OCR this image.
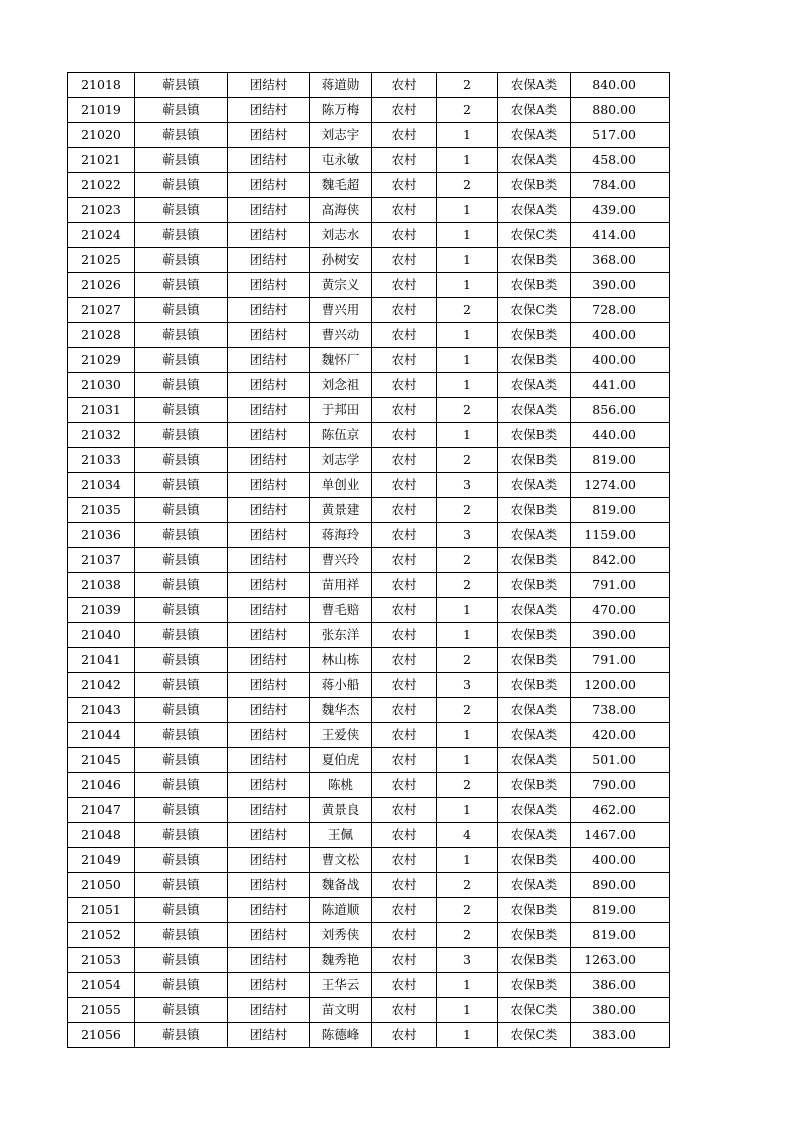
21018	蕲县镇	团结村	蒋道勋	农村	2	农保A类	840.00
21019	蕲县镇	团结村	陈万梅	农村	2	农保A类	880.00
21020	蕲县镇	团结村	刘志宇	农村	1	农保A类	517.00
21021	蕲县镇	团结村	屯永敏	农村	1	农保A类	458.00
21022	蕲县镇	团结村	魏毛超	农村	2	农保B类	784.00
21023	蕲县镇	团结村	高海侠	农村	1	农保A类	439.00
21024	蕲县镇	团结村	刘志水	农村	1	农保C类	414.00
21025	蕲县镇	团结村	孙树安	农村	1	农保B类	368.00
21026	蕲县镇	团结村	黄宗义	农村	1	农保B类	390.00
21027	蕲县镇	团结村	曹兴用	农村	2	农保C类	728.00
21028	蕲县镇	团结村	曹兴动	农村	1	农保B类	400.00
21029	蕲县镇	团结村	魏怀厂	农村	1	农保B类	400.00
21030	蕲县镇	团结村	刘念祖	农村	1	农保A类	441.00
21031	蕲县镇	团结村	于邦田	农村	2	农保A类	856.00
21032	蕲县镇	团结村	陈伍京	农村	1	农保B类	440.00
21033	蕲县镇	团结村	刘志学	农村	2	农保B类	819.00
21034	蕲县镇	团结村	单创业	农村	3	农保A类	1274.00
21035	蕲县镇	团结村	黄景建	农村	2	农保B类	819.00
21036	蕲县镇	团结村	蒋海玲	农村	3	农保A类	1159.00
21037	蕲县镇	团结村	曹兴玲	农村	2	农保B类	842.00
21038	蕲县镇	团结村	苗用祥	农村	2	农保B类	791.00
21039	蕲县镇	团结村	曹毛赔	农村	1	农保A类	470.00
21040	蕲县镇	团结村	张东洋	农村	1	农保B类	390.00
21041	蕲县镇	团结村	林山栋	农村	2	农保B类	791.00
21042	蕲县镇	团结村	蒋小船	农村	3	农保B类	1200.00
21043	蕲县镇	团结村	魏华杰	农村	2	农保A类	738.00
21044	蕲县镇	团结村	王爱侠	农村	1	农保A类	420.00
21045	蕲县镇	团结村	夏伯虎	农村	1	农保A类	501.00
21046	蕲县镇	团结村	陈桃	农村	2	农保B类	790.00
21047	蕲县镇	团结村	黄景良	农村	1	农保A类	462.00
21048	蕲县镇	团结村	王佩	农村	4	农保A类	1467.00
21049	蕲县镇	团结村	曹文松	农村	1	农保B类	400.00
21050	蕲县镇	团结村	魏备战	农村	2	农保A类	890.00
21051	蕲县镇	团结村	陈道顺	农村	2	农保B类	819.00
21052	蕲县镇	团结村	刘秀侠	农村	2	农保B类	819.00
21053	蕲县镇	团结村	魏秀艳	农村	3	农保B类	1263.00
21054	蕲县镇	团结村	王华云	农村	1	农保B类	386.00
21055	蕲县镇	团结村	苗文明	农村	1	农保C类	380.00
21056	蕲县镇	团结村	陈德峰	农村	1	农保C类	383.00
